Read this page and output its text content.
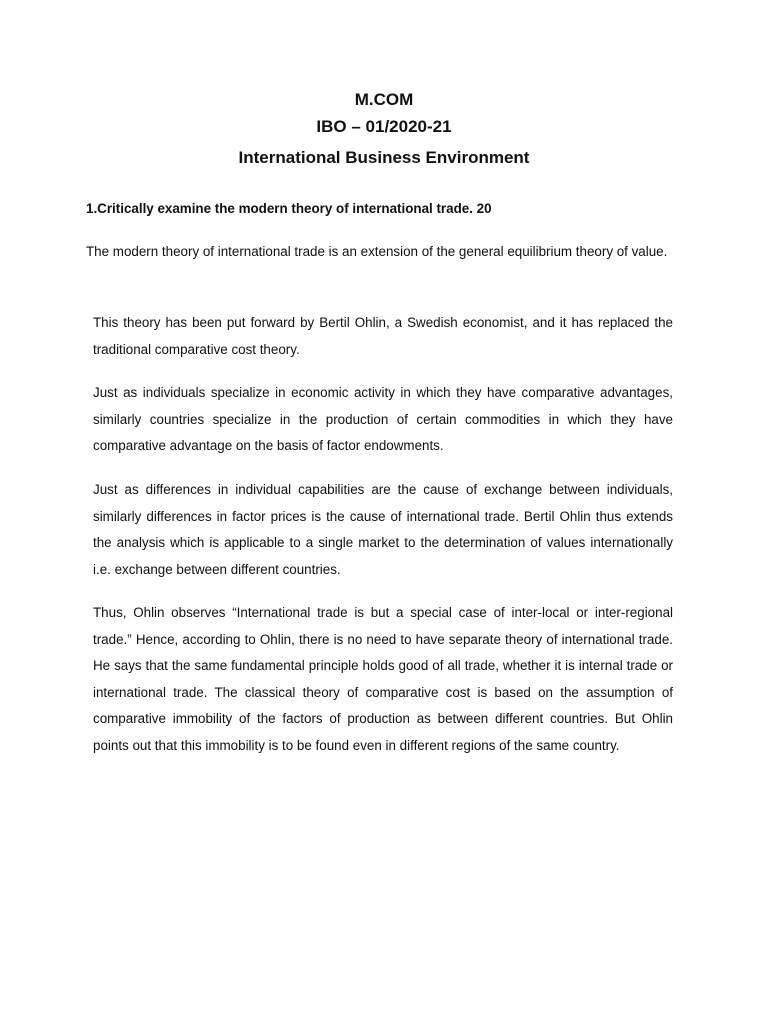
M.COM
IBO – 01/2020-21
International Business Environment

1.Critically examine the modern theory of international trade. 20

The modern theory of international trade is an extension of the general equilibrium theory of value.

This theory has been put forward by Bertil Ohlin, a Swedish economist, and it has replaced the traditional comparative cost theory.

Just as individuals specialize in economic activity in which they have comparative advantages, similarly countries specialize in the production of certain commodities in which they have comparative advantage on the basis of factor endowments.

Just as differences in individual capabilities are the cause of exchange between individuals, similarly differences in factor prices is the cause of international trade. Bertil Ohlin thus extends the analysis which is applicable to a single market to the determination of values internationally i.e. exchange between different countries.

Thus, Ohlin observes “International trade is but a special case of inter-local or inter-regional trade.” Hence, according to Ohlin, there is no need to have separate theory of international trade. He says that the same fundamental principle holds good of all trade, whether it is internal trade or international trade. The classical theory of comparative cost is based on the assumption of comparative immobility of the factors of production as between different countries. But Ohlin points out that this immobility is to be found even in different regions of the same country.
